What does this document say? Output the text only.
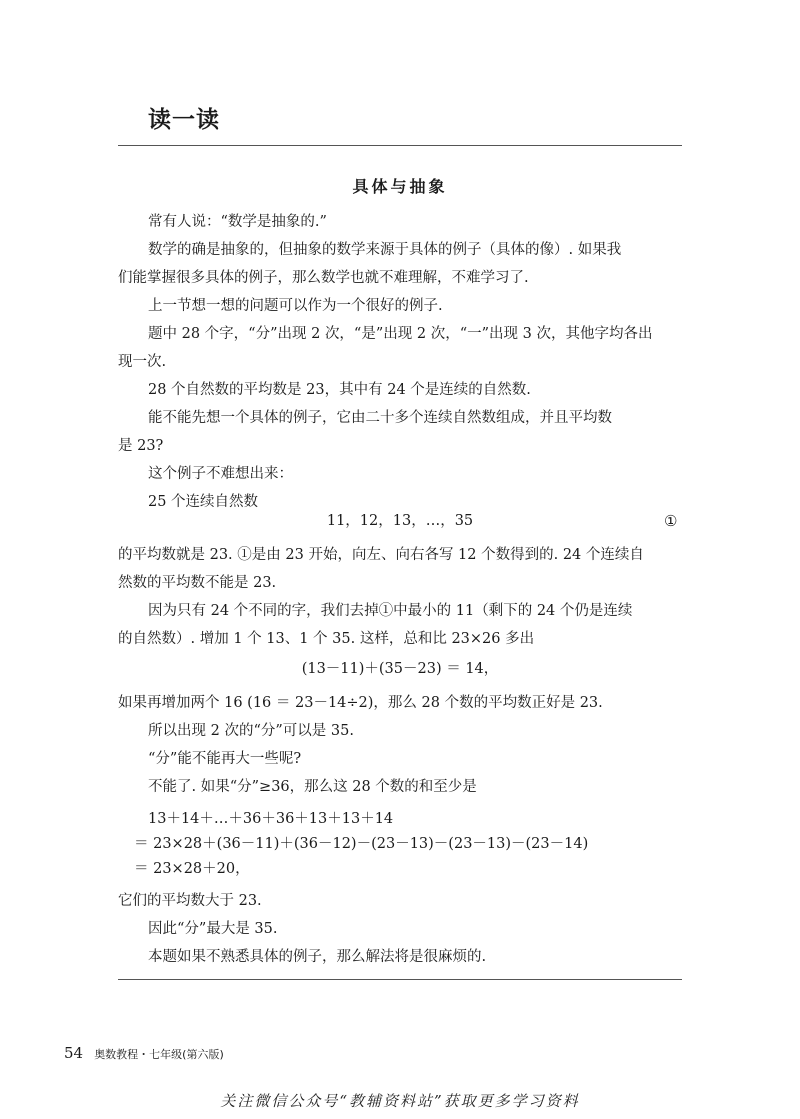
读一读
具体与抽象
常有人说：“数学是抽象的.”
数学的确是抽象的，但抽象的数学来源于具体的例子（具体的像）. 如果我
们能掌握很多具体的例子，那么数学也就不难理解，不难学习了.
上一节想一想的问题可以作为一个很好的例子.
题中 28 个字，“分”出现 2 次，“是”出现 2 次，“一”出现 3 次，其他字均各出
现一次.
28 个自然数的平均数是 23，其中有 24 个是连续的自然数.
能不能先想一个具体的例子，它由二十多个连续自然数组成，并且平均数
是 23?
这个例子不难想出来：
25 个连续自然数
11，12，13，…，35	①
的平均数就是 23. ①是由 23 开始，向左、向右各写 12 个数得到的. 24 个连续自
然数的平均数不能是 23.
因为只有 24 个不同的字，我们去掉①中最小的 11（剩下的 24 个仍是连续
的自然数）. 增加 1 个 13、1 个 35. 这样，总和比 23×26 多出
(13－11)＋(35－23) ＝ 14，
如果再增加两个 16 (16 ＝ 23－14÷2)，那么 28 个数的平均数正好是 23.
所以出现 2 次的“分”可以是 35.
“分”能不能再大一些呢?
不能了. 如果“分”≥36，那么这 28 个数的和至少是
13＋14＋…＋36＋36＋13＋13＋14
＝ 23×28＋(36－11)＋(36－12)－(23－13)－(23－13)－(23－14)
＝ 23×28＋20，
它们的平均数大于 23.
因此“分”最大是 35.
本题如果不熟悉具体的例子，那么解法将是很麻烦的.
54 奥数教程・七年级(第六版)
关注微信公众号“教辅资料站”获取更多学习资料
